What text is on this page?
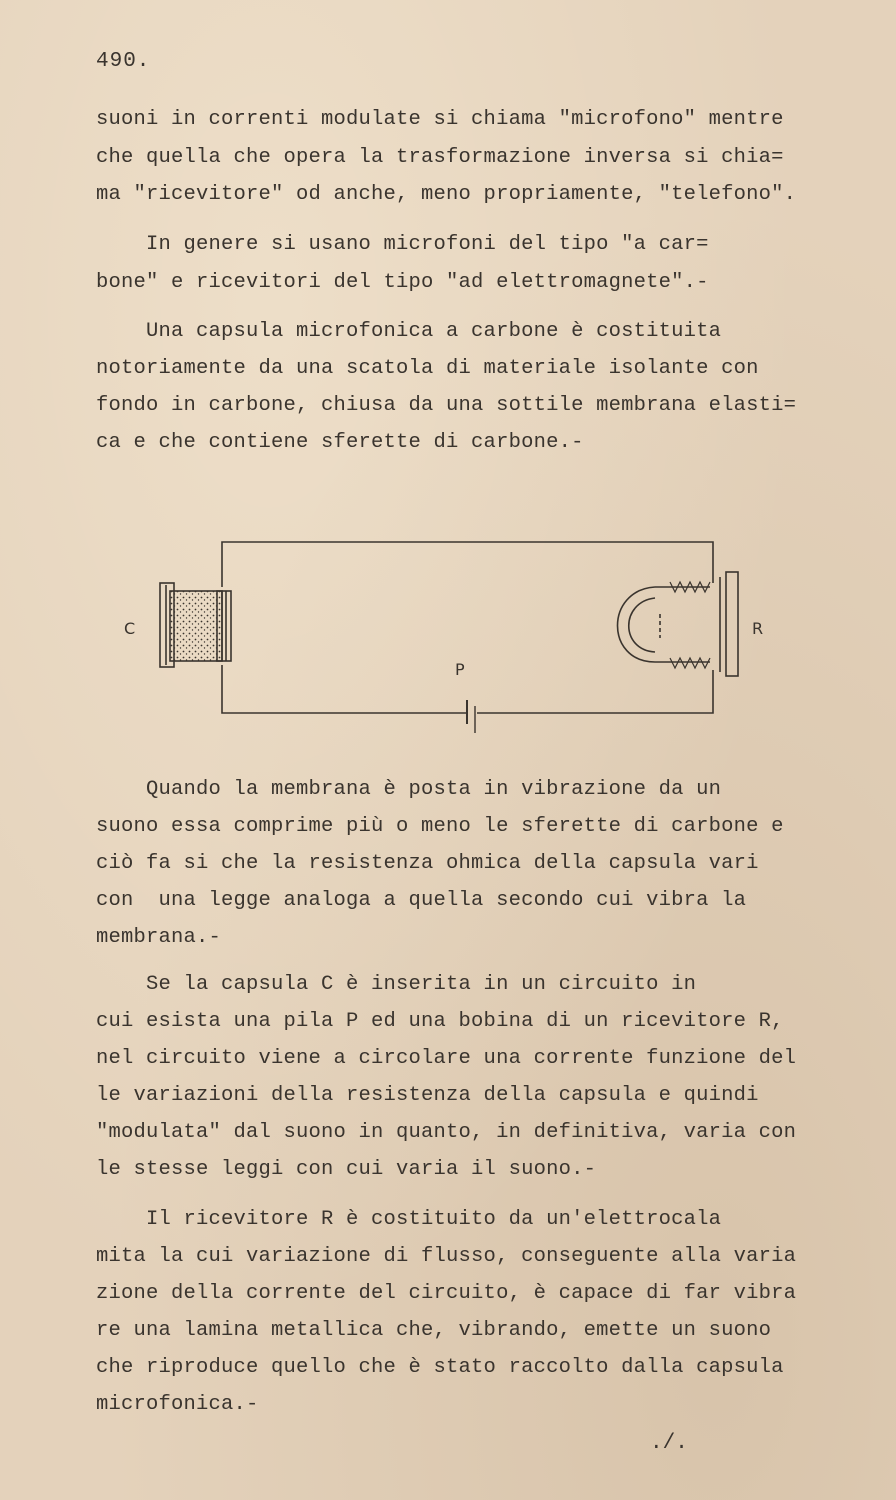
490.
suoni in correnti modulate si chiama "microfono" mentre
che quella che opera la trasformazione inversa si chia=
ma "ricevitore" od anche, meno propriamente, "telefono".
In genere si usano microfoni del tipo "a car=
bone" e ricevitori del tipo "ad elettromagnete".-
Una capsula microfonica a carbone è costituita
notoriamente da una scatola di materiale isolante con
fondo in carbone, chiusa da una sottile membrana elasti=
ca e che contiene sferette di carbone.-
C
P
R
Quando la membrana è posta in vibrazione da un
suono essa comprime più o meno le sferette di carbone e
ciò fa si che la resistenza ohmica della capsula vari
con  una legge analoga a quella secondo cui vibra la
membrana.-
Se la capsula C è inserita in un circuito in
cui esista una pila P ed una bobina di un ricevitore R,
nel circuito viene a circolare una corrente funzione del
le variazioni della resistenza della capsula e quindi
"modulata" dal suono in quanto, in definitiva, varia con
le stesse leggi con cui varia il suono.-
Il ricevitore R è costituito da un'elettrocala
mita la cui variazione di flusso, conseguente alla varia
zione della corrente del circuito, è capace di far vibra
re una lamina metallica che, vibrando, emette un suono
che riproduce quello che è stato raccolto dalla capsula
microfonica.-
./.
